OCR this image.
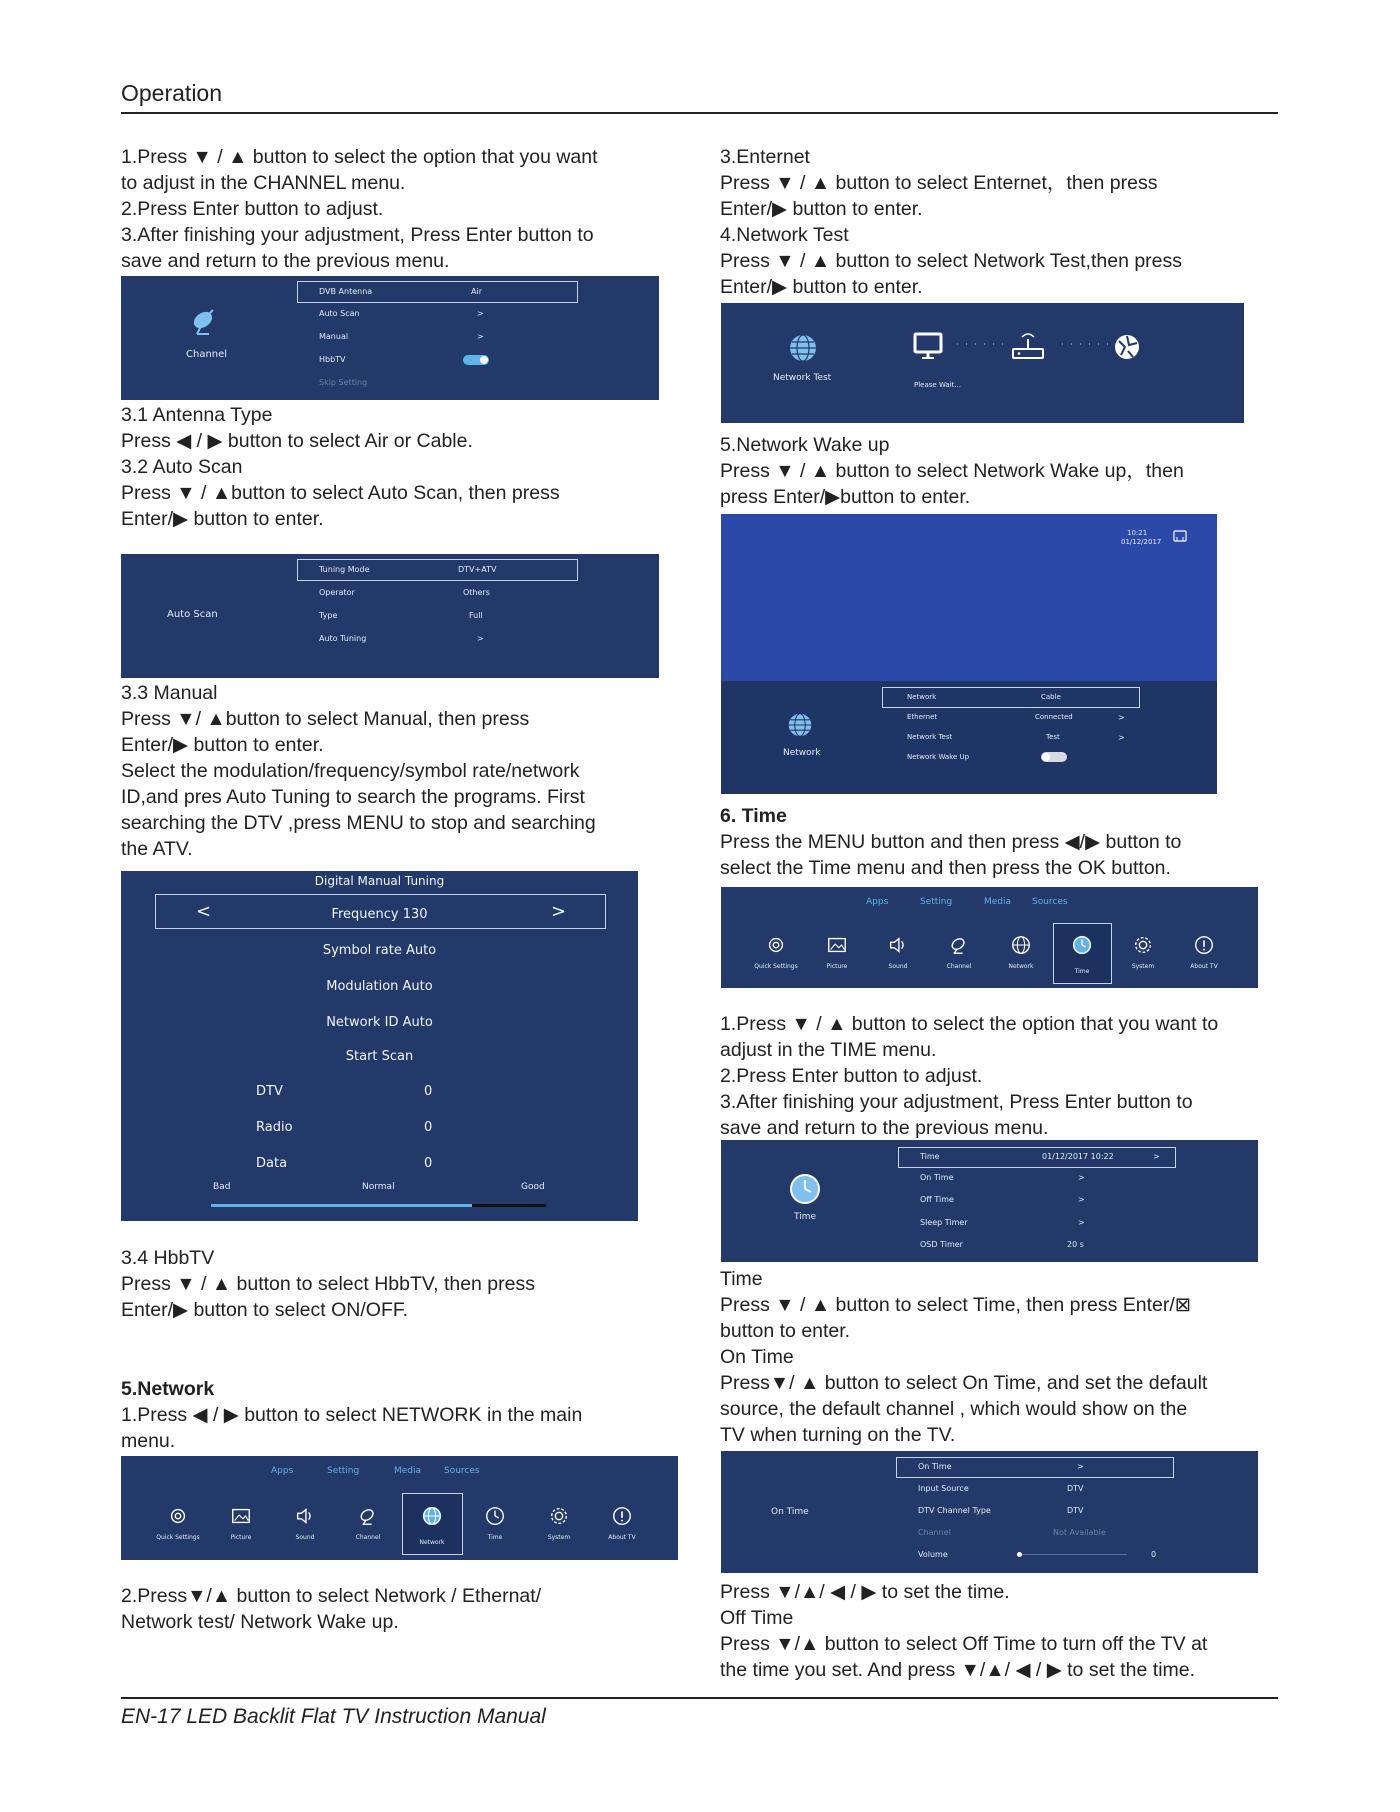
Operation
EN-17 LED Backlit Flat TV Instruction Manual

1.Press ▼ / ▲ button to select the option that you want
to adjust in the CHANNEL menu.
2.Press Enter button to adjust.
3.After finishing your adjustment, Press Enter button to
save and return to the previous menu.

Channel
DVB Antenna	Air
Auto Scan	>
Manual	>
HbbTV
Skip Setting

3.1 Antenna Type
Press ◀ / ▶ button to select Air or Cable.
3.2 Auto Scan
Press ▼ / ▲button to select Auto Scan, then press
Enter/▶ button to enter.

Auto Scan
Tuning Mode	DTV+ATV
Operator	Others
Type	Full
Auto Tuning	>

3.3 Manual
Press ▼/ ▲button to select Manual, then press
Enter/▶ button to enter.
Select the modulation/frequency/symbol rate/network
ID,and pres Auto Tuning to search the programs. First
searching the DTV ,press MENU to stop and searching
the ATV.

Digital Manual Tuning
<	>
Frequency 130
Symbol rate Auto
Modulation Auto
Network ID Auto
Start Scan
DTV	0
Radio	0
Data	0
Bad	Normal	Good

3.4 HbbTV
Press ▼ / ▲ button to select HbbTV, then press
Enter/▶ button to select ON/OFF.

5.Network

1.Press ◀ / ▶ button to select NETWORK in the main
menu.

Apps	Setting	Media	Sources
Quick Settings	Picture	Sound	Channel
Network
Time	System	About TV

2.Press▼/▲ button to select Network / Ethernat/
Network test/ Network Wake up.

3.Enternet
Press ▼ / ▲ button to select Enternet，then press
Enter/▶ button to enter.
4.Network Test
Press ▼ / ▲ button to select Network Test,then press
Enter/▶ button to enter.

Network Test
· · · · · ·	· · · · · ·
Please Wait...

5.Network Wake up
Press ▼ / ▲ button to select Network Wake up，then
press Enter/▶button to enter.

10:21
01/12/2017
Network
Network	Cable
Ethernet	Connected	>
Network Test	Test	>
Network Wake Up

6. Time

Press the MENU button and then press ◀/▶ button to
select the Time menu and then press the OK button.

Apps	Setting	Media Sources
Quick Settings	Picture	Sound	Channel	Network
Time
System	About TV

1.Press ▼ / ▲ button to select the option that you want to
adjust in the TIME menu.
2.Press Enter button to adjust.
3.After finishing your adjustment, Press Enter button to
save and return to the previous menu.

Time
Time	01/12/2017 10:22	>
On Time	>
Off Time	>
Sleep Timer	>
OSD Timer	20 s

Time
Press ▼ / ▲ button to select Time, then press Enter/⊠
button to enter.
On Time
Press▼/ ▲ button to select On Time, and set the default
source, the default channel , which would show on the
TV when turning on the TV.

On Time
On Time	>
Input Source	DTV
DTV Channel Type	DTV
Channel	Not Available
Volume	0

Press ▼/▲/ ◀ / ▶ to set the time.
Off Time
Press ▼/▲ button to select Off Time to turn off the TV at
the time you set. And press ▼/▲/ ◀ / ▶ to set the time.
